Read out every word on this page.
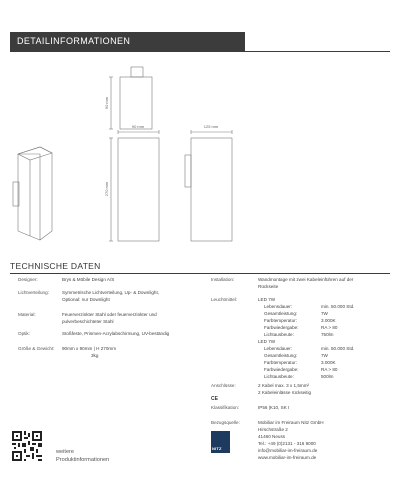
DETAILINFORMATIONEN
90 mm
90 mm	125 mm
270 mm
TECHNISCHE DATEN
Designer:	Brys & Möbile Design A/S
Lichtverteilung:	Symmetrische Lichtverteilung, Up- & Downlight,
Optional: nur Downlight
Material:	Feuerverzinkter Stahl oder feuerverzinkter und
pulverbeschichteter Stahl
Optik:	Stoßfeste, Prismen-Acrylabschirmung, UV-beständig
Größe & Gewicht: 90mm x 90mm | H 270mm
3kg
Installation:	Wandmontage mit zwei Kabeleinführen auf der
Rückseite
Leuchtmittel:	LED 7W
Lebensdauer:	min. 50.000 Std.
Gesamtleistung:	7W
Farbtemperatur:	3.000K
Farbwiedergabe:	RA > 80
Lichtausbeute:	750lm
LED 7W
Lebensdauer:	min. 50.000 Std.
Gesamtleistung:	7W
Farbtemperatur:	3.000K
Farbwiedergabe:	RA > 80
Lichtausbeute:	500lm
Anschlüsse:	2 Kabel max. 3 x 1,5mm²
2 Kabeleinlässe rückseitig
CE
Klassifikation:	IP56 |K10, SK I
Bezugsquelle:	Mobiliar im Freiraum Nitz GmbH
Hirschstraße 2
41460 Neuss
Tel.: +49 (0)2131 - 316 9000
info@mobiliar-im-freiraum.de
www.mobiliar-im-freiraum.de
NITZ
weitere
Produktinformationen
